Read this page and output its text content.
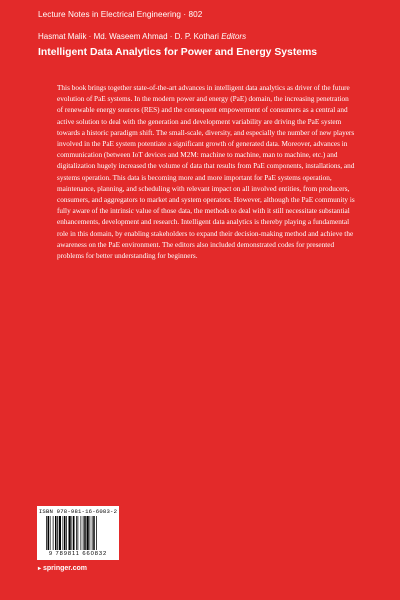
Lecture Notes in Electrical Engineering · 802
Hasmat Malik · Md. Waseem Ahmad · D. P. Kothari Editors
Intelligent Data Analytics for Power and Energy Systems

This book brings together state-of-the-art advances in intelligent data analytics as driver of the future evolution of PaE systems. In the modern power and energy (PaE) domain, the increasing penetration of renewable energy sources (RES) and the consequent empowerment of consumers as a central and active solution to deal with the generation and development variability are driving the PaE system towards a historic paradigm shift. The small-scale, diversity, and especially the number of new players involved in the PaE system potentiate a significant growth of generated data. Moreover, advances in communication (between IoT devices and M2M: machine to machine, man to machine, etc.) and digitalization hugely increased the volume of data that results from PaE components, installations, and systems operation. This data is becoming more and more important for PaE systems operation, maintenance, planning, and scheduling with relevant impact on all involved entities, from producers, consumers, and aggregators to market and system operators. However, although the PaE community is fully aware of the intrinsic value of those data, the methods to deal with it still necessitate substantial enhancements, development and research. Intelligent data analytics is thereby playing a fundamental role in this domain, by enabling stakeholders to expand their decision-making method and achieve the awareness on the PaE environment. The editors also included demonstrated codes for presented problems for better understanding for beginners.

ISBN 978-981-16-6083-2
9 789811 660832
▸ springer.com
